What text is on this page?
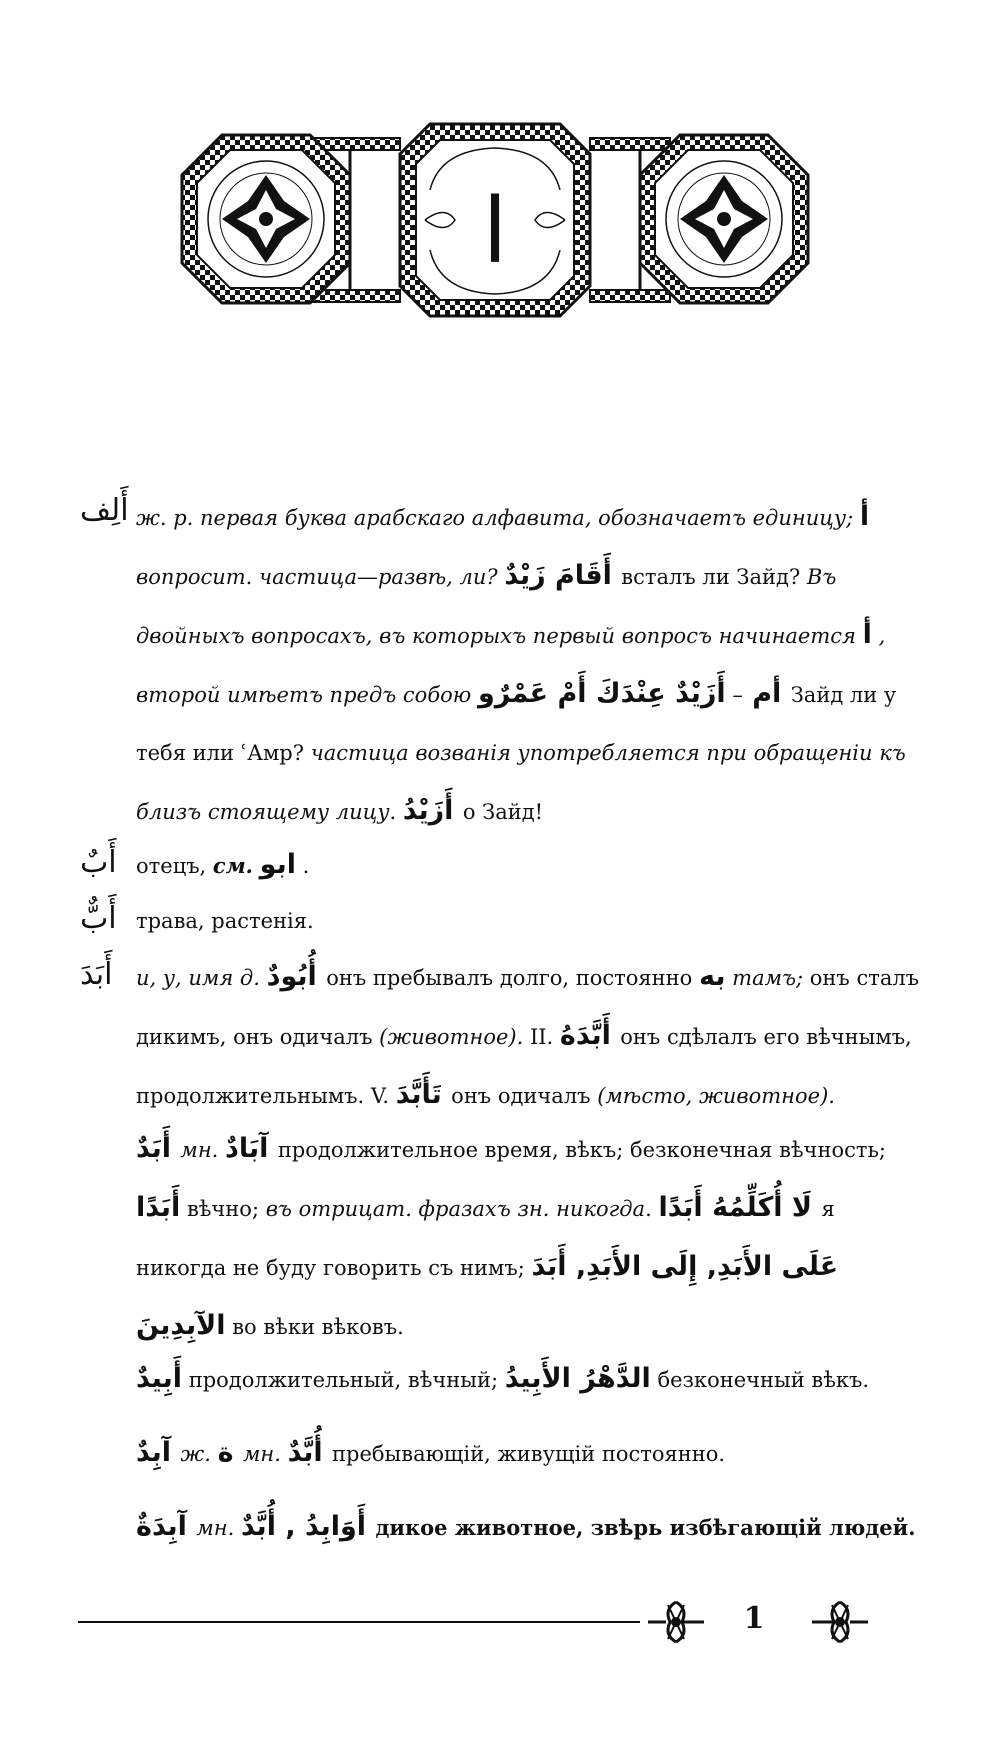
ا
أَلِف ж. р. первая буква арабскаго алфавита, обозначаетъ единицу; أ вопросит. частица—развѣ, ли? أَقَامَ زَيْدٌ всталъ ли Зайд? Въ двойныхъ вопросахъ, въ которыхъ первый вопросъ начинается أ , второй имѣетъ предъ собою	أم – أَزَيْدٌ عِنْدَكَ أَمْ عَمْرٌو Зайд ли у тебя или ʿАмр? частица возванія употребляется при обращеніи къ близъ стоящему лицу. أَزَيْدُ о Зайд!
أَبٌ отецъ, см. ابو .
أَبٌّ трава, растенія.
أَبَدَ	и, у, имя д. أُبُودٌ онъ пребывалъ долго, постоянно به тамъ; онъ сталъ дикимъ, онъ одичалъ (животное). II. أَبَّدَهُ онъ сдѣлалъ его вѣчнымъ, продолжительнымъ. V. تَأَبَّدَ онъ одичалъ (мѣсто, животное).
أَبَدٌ мн. آبَادٌ продолжительное время, вѣкъ; безконечная вѣчность; أَبَدًا вѣчно; въ отрицат. фразахъ зн. никогда. لَا أُكَلِّمُهُ أَبَدًا я никогда не буду говорить съ нимъ; عَلَى الأَبَدِ, إِلَى الأَبَدِ, أَبَدَ الآبِدِينَ во вѣки вѣковъ.
أَبِيدٌ продолжительный, вѣчный; الدَّهْرُ الأَبِيدُ безконечный вѣкъ.
آبِدٌ ж. ة мн. أُبَّدٌ пребывающій, живущій постоянно.
آبِدَةٌ мн. أَوَابِدُ , أُبَّدٌ дикое животное, звѣрь избѣгающій людей.
1
